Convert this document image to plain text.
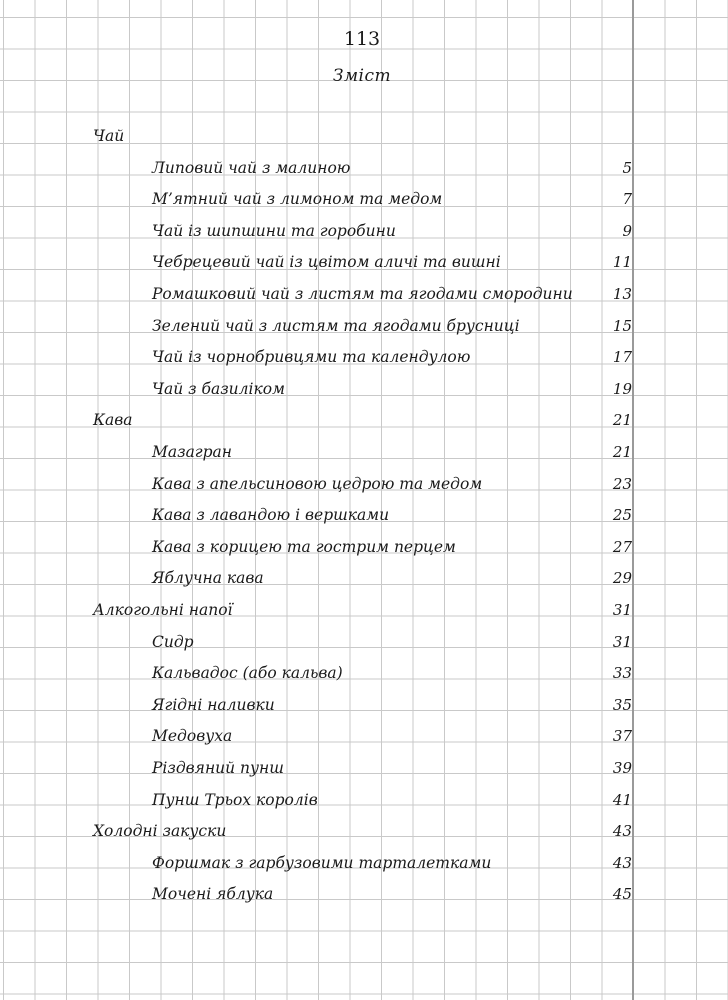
113
Зміст
Чай
Липовий чай з малиною	5
М’ятний чай з лимоном та медом	7
Чай із шипшини та горобини	9
Чебрецевий чай із цвітом аличі та вишні	11
Ромашковий чай з листям та ягодами смородини	13
Зелений чай з листям та ягодами брусниці	15
Чай із чорнобривцями та календулою	17
Чай з базиліком	19
Кава	21
Мазагран	21
Кава з апельсиновою цедрою та медом	23
Кава з лавандою і вершками	25
Кава з корицею та гострим перцем	27
Яблучна кава	29
Алкогольні напої	31
Сидр	31
Кальвадос (або кальва)	33
Ягідні наливки	35
Медовуха	37
Різдвяний пунш	39
Пунш Трьох королів	41
Холодні закуски	43
Форшмак з гарбузовими тарталетками	43
Мочені яблука	45
